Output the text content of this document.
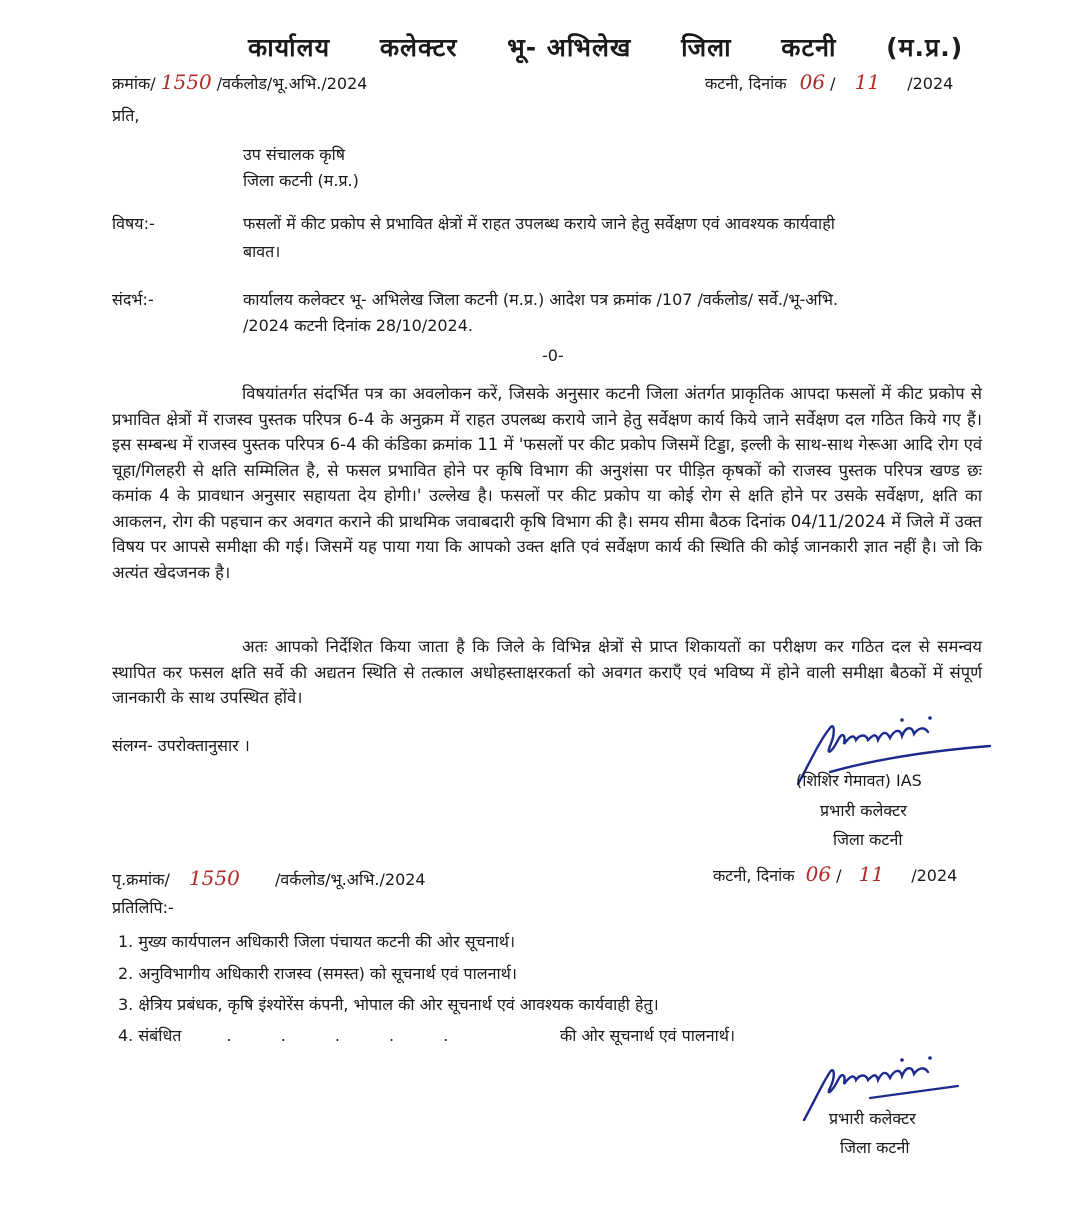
कार्यालय कलेक्टर भू- अभिलेख जिला कटनी (म.प्र.)
क्रमांक/ 1550 /वर्कलोड/भू.अभि./2024	कटनी, दिनांक 06 / 11 /2024
प्रति,
उप संचालक कृषि
जिला कटनी (म.प्र.)
विषय:-	फसलों में कीट प्रकोप से प्रभावित क्षेत्रों में राहत उपलब्ध कराये जाने हेतु सर्वेक्षण एवं आवश्यक कार्यवाही
बावत।
संदर्भ:-	कार्यालय कलेक्टर भू- अभिलेख जिला कटनी (म.प्र.) आदेश पत्र क्रमांक /107 /वर्कलोड/ सर्वे./भू-अभि.
/2024 कटनी दिनांक 28/10/2024.
-0-
विषयांतर्गत संदर्भित पत्र का अवलोकन करें, जिसके अनुसार कटनी जिला अंतर्गत प्राकृतिक आपदा फसलों में कीट प्रकोप से प्रभावित क्षेत्रों में राजस्व पुस्तक परिपत्र 6-4 के अनुक्रम में राहत उपलब्ध कराये जाने हेतु सर्वेक्षण कार्य किये जाने सर्वेक्षण दल गठित किये गए हैं। इस सम्बन्ध में राजस्व पुस्तक परिपत्र 6-4 की कंडिका क्रमांक 11 में 'फसलों पर कीट प्रकोप जिसमें टिड्डा, इल्ली के साथ-साथ गेरूआ आदि रोग एवं चूहा/गिलहरी से क्षति सम्मिलित है, से फसल प्रभावित होने पर कृषि विभाग की अनुशंसा पर पीड़ित कृषकों को राजस्व पुस्तक परिपत्र खण्ड छः कमांक 4 के प्रावधान अनुसार सहायता देय होगी।' उल्लेख है। फसलों पर कीट प्रकोप या कोई रोग से क्षति होने पर उसके सर्वेक्षण, क्षति का आकलन, रोग की पहचान कर अवगत कराने की प्राथमिक जवाबदारी कृषि विभाग की है। समय सीमा बैठक दिनांक 04/11/2024 में जिले में उक्त विषय पर आपसे समीक्षा की गई। जिसमें यह पाया गया कि आपको उक्त क्षति एवं सर्वेक्षण कार्य की स्थिति की कोई जानकारी ज्ञात नहीं है। जो कि अत्यंत खेदजनक है।
अतः आपको निर्देशित किया जाता है कि जिले के विभिन्न क्षेत्रों से प्राप्त शिकायतों का परीक्षण कर गठित दल से समन्वय स्थापित कर फसल क्षति सर्वे की अद्यतन स्थिति से तत्काल अधोहस्ताक्षरकर्ता को अवगत कराएँ एवं भविष्य में होने वाली समीक्षा बैठकों में संपूर्ण जानकारी के साथ उपस्थित होंवे।
संलग्न- उपरोक्तानुसार ।
(शिशिर गेमावत) IAS
प्रभारी कलेक्टर
जिला कटनी
पृ.क्रमांक/ 1550 /वर्कलोड/भू.अभि./2024	कटनी, दिनांक 06 / 11 /2024
प्रतिलिपि:-
1. मुख्य कार्यपालन अधिकारी जिला पंचायत कटनी की ओर सूचनार्थ।
2. अनुविभागीय अधिकारी राजस्व (समस्त) को सूचनार्थ एवं पालनार्थ।
3. क्षेत्रिय प्रबंधक, कृषि इंश्योरेंस कंपनी, भोपाल की ओर सूचनार्थ एवं आवश्यक कार्यवाही हेतु।
4. संबंधित	. . . . .	की ओर सूचनार्थ एवं पालनार्थ।
प्रभारी कलेक्टर
जिला कटनी
